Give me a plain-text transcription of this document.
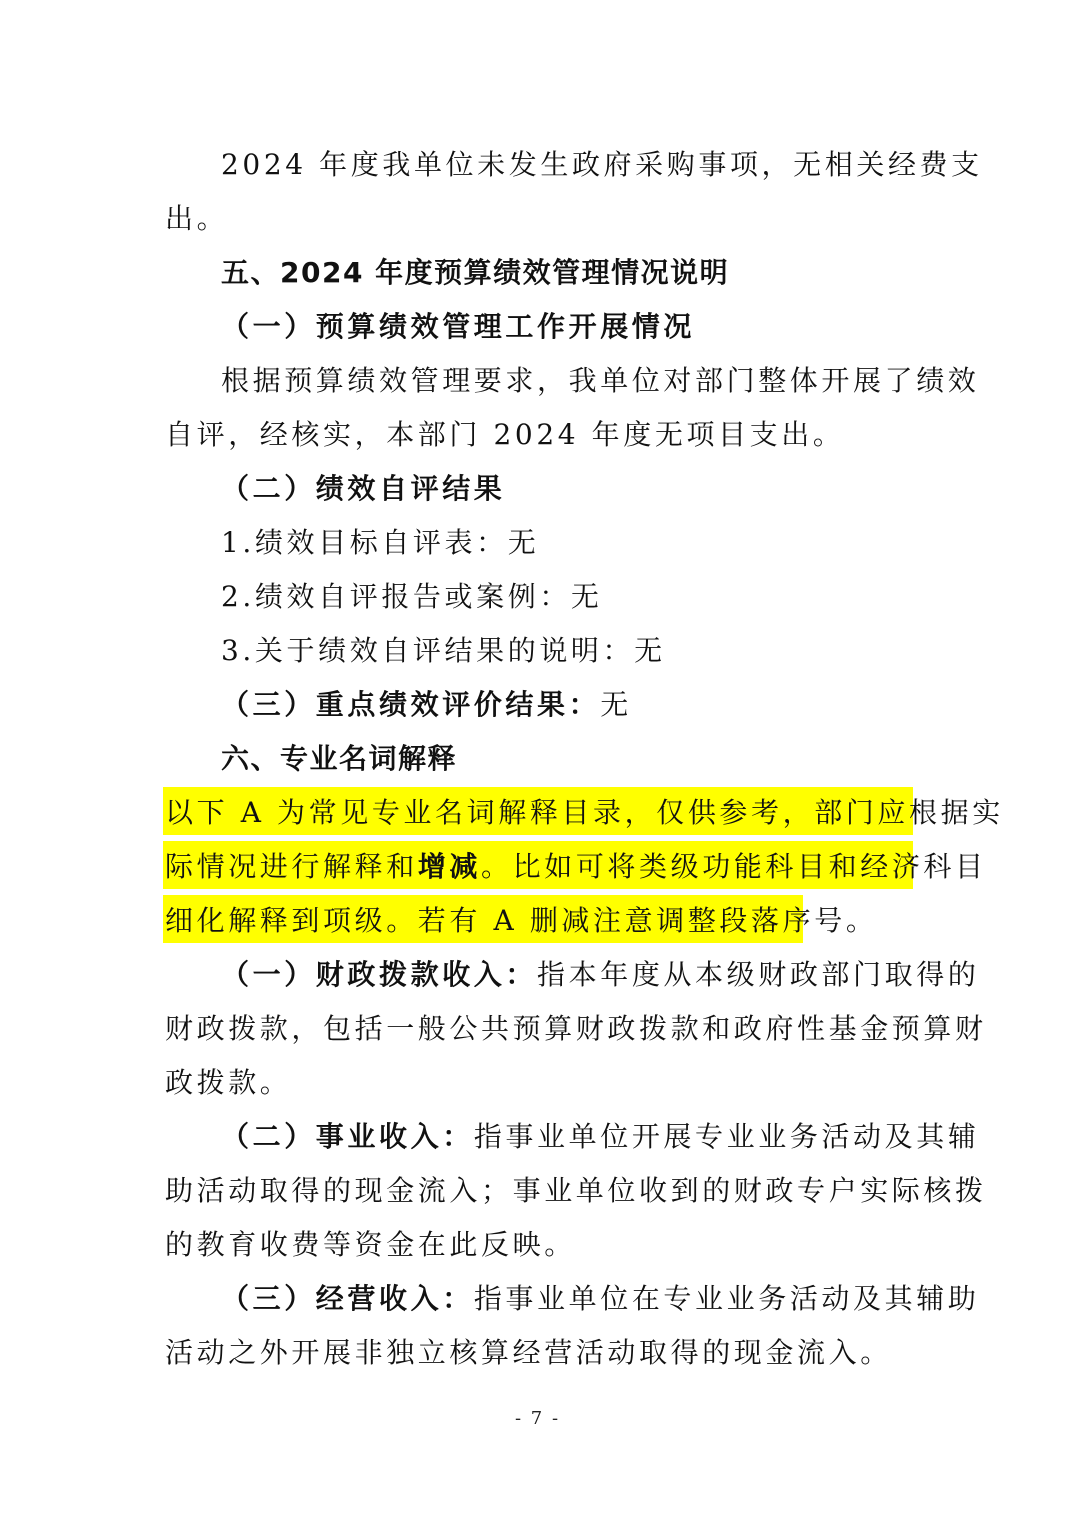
2024 年度我单位未发生政府采购事项，无相关经费支
出。
五、2024 年度预算绩效管理情况说明
（一）预算绩效管理工作开展情况
根据预算绩效管理要求，我单位对部门整体开展了绩效
自评，经核实，本部门 2024 年度无项目支出。
（二）绩效自评结果
1.绩效目标自评表：无
2.绩效自评报告或案例：无
3.关于绩效自评结果的说明：无
（三）重点绩效评价结果：无
六、专业名词解释
以下 A 为常见专业名词解释目录，仅供参考，部门应根据实
际情况进行解释和增减。比如可将类级功能科目和经济科目
细化解释到项级。若有 A 删减注意调整段落序号。
（一）财政拨款收入：指本年度从本级财政部门取得的
财政拨款，包括一般公共预算财政拨款和政府性基金预算财
政拨款。
（二）事业收入：指事业单位开展专业业务活动及其辅
助活动取得的现金流入；事业单位收到的财政专户实际核拨
的教育收费等资金在此反映。
（三）经营收入：指事业单位在专业业务活动及其辅助
活动之外开展非独立核算经营活动取得的现金流入。
- 7 -
